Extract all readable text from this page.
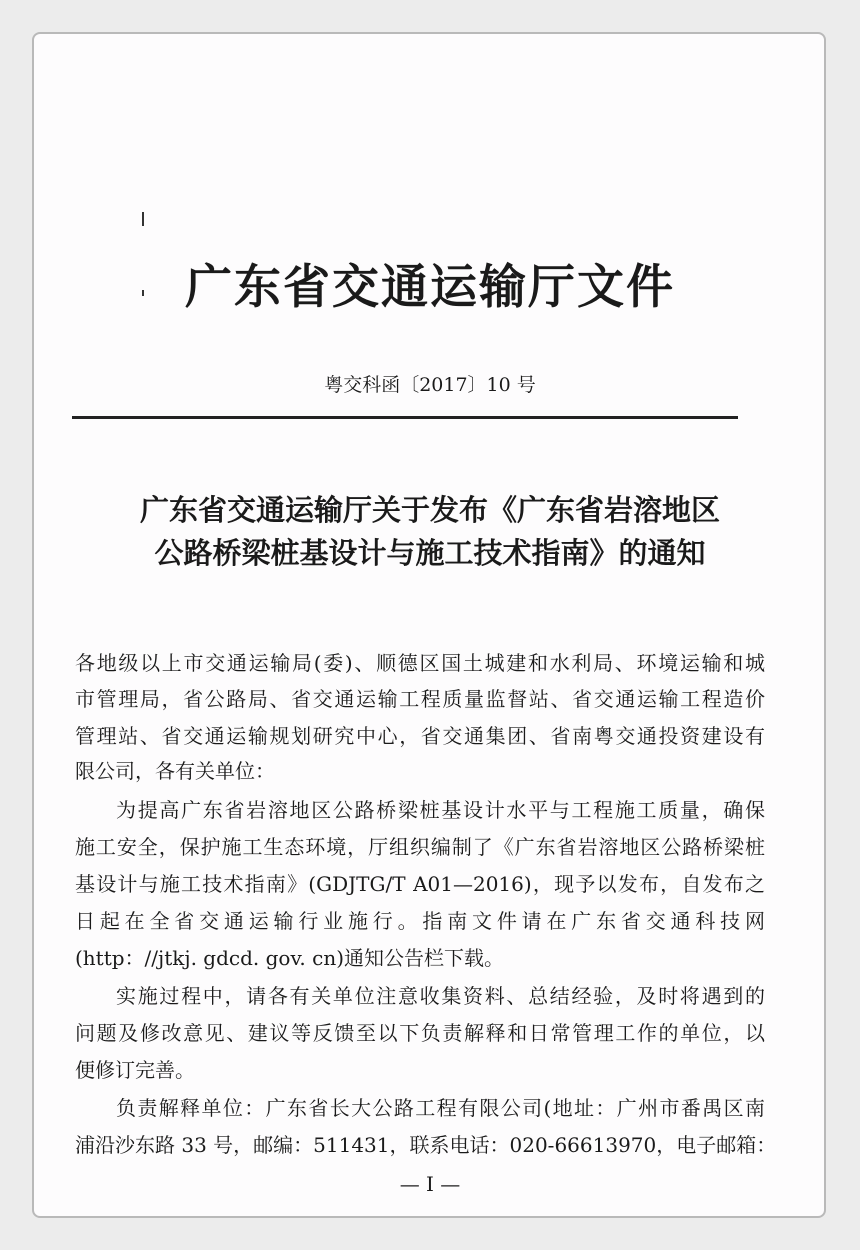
广东省交通运输厅文件
粤交科函〔2017〕10 号
广东省交通运输厅关于发布《广东省岩溶地区
公路桥梁桩基设计与施工技术指南》的通知
各地级以上市交通运输局(委)、顺德区国土城建和水利局、环境运输和城
市管理局，省公路局、省交通运输工程质量监督站、省交通运输工程造价
管理站、省交通运输规划研究中心，省交通集团、省南粤交通投资建设有
限公司，各有关单位：
为提高广东省岩溶地区公路桥梁桩基设计水平与工程施工质量，确保
施工安全，保护施工生态环境，厅组织编制了《广东省岩溶地区公路桥梁桩
基设计与施工技术指南》(GDJTG/T A01—2016)，现予以发布，自发布之
日起在全省交通运输行业施行。指南文件请在广东省交通科技网
(http：//jtkj. gdcd. gov. cn)通知公告栏下载。
实施过程中，请各有关单位注意收集资料、总结经验，及时将遇到的
问题及修改意见、建议等反馈至以下负责解释和日常管理工作的单位，以
便修订完善。
负责解释单位：广东省长大公路工程有限公司(地址：广州市番禺区南
浦沿沙东路 33 号，邮编：511431，联系电话：020-66613970，电子邮箱：
— I —
